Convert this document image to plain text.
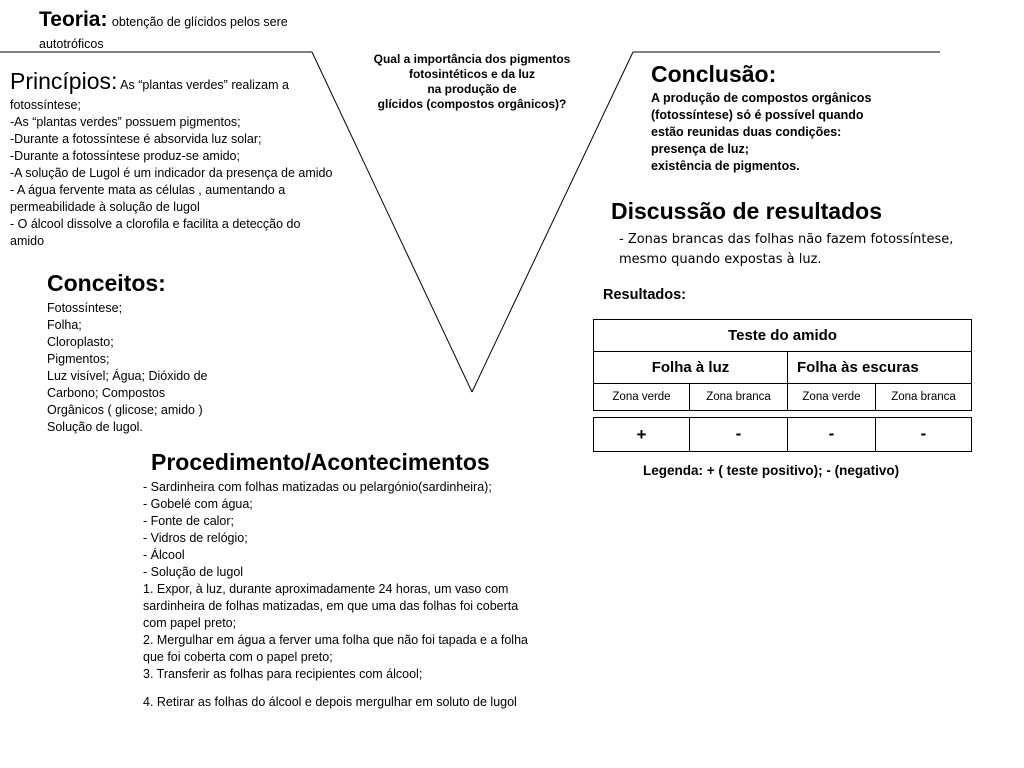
Teoria: obtenção de glícidos pelos sere
autotróficos
Qual a importância dos pigmentos
fotosintéticos e da luz
na produção de
glícidos (compostos orgânicos)?
Princípios: As “plantas verdes” realizam a
fotossíntese;
-As “plantas verdes” possuem pigmentos;
-Durante a fotossíntese é absorvida luz solar;
-Durante a fotossíntese produz-se amido;
-A solução de Lugol é um indicador da presença de amido
- A água fervente mata as células , aumentando a
permeabilidade à solução de lugol
- O álcool dissolve a clorofila e facilita a detecção do
amido
Conceitos:
Fotossíntese;
Folha;
Cloroplasto;
Pigmentos;
Luz visível; Água; Dióxido de
Carbono; Compostos
Orgânicos ( glicose; amido )
Solução de lugol.
Conclusão:
A produção de compostos orgânicos
(fotossíntese) só é possível quando
estão reunidas duas condições:
presença de luz;
existência de pigmentos.
Discussão de resultados
- Zonas brancas das folhas não fazem fotossíntese,
mesmo quando expostas à luz.
Resultados:
Teste do amido
Folha à luz	Folha às escuras
Zona verde	Zona branca	Zona verde	Zona branca
+	-	-	-
Legenda: + ( teste positivo); - (negativo)
Procedimento/Acontecimentos
- Sardinheira com folhas matizadas ou pelargónio(sardinheira);
- Gobelé com água;
- Fonte de calor;
- Vidros de relógio;
- Álcool
- Solução de lugol
1. Expor, à luz, durante aproximadamente 24 horas, um vaso com
sardinheira de folhas matizadas, em que uma das folhas foi coberta
com papel preto;
2. Mergulhar em água a ferver uma folha que não foi tapada e a folha
que foi coberta com o papel preto;
3. Transferir as folhas para recipientes com álcool;
4. Retirar as folhas do álcool e depois mergulhar em soluto de lugol
